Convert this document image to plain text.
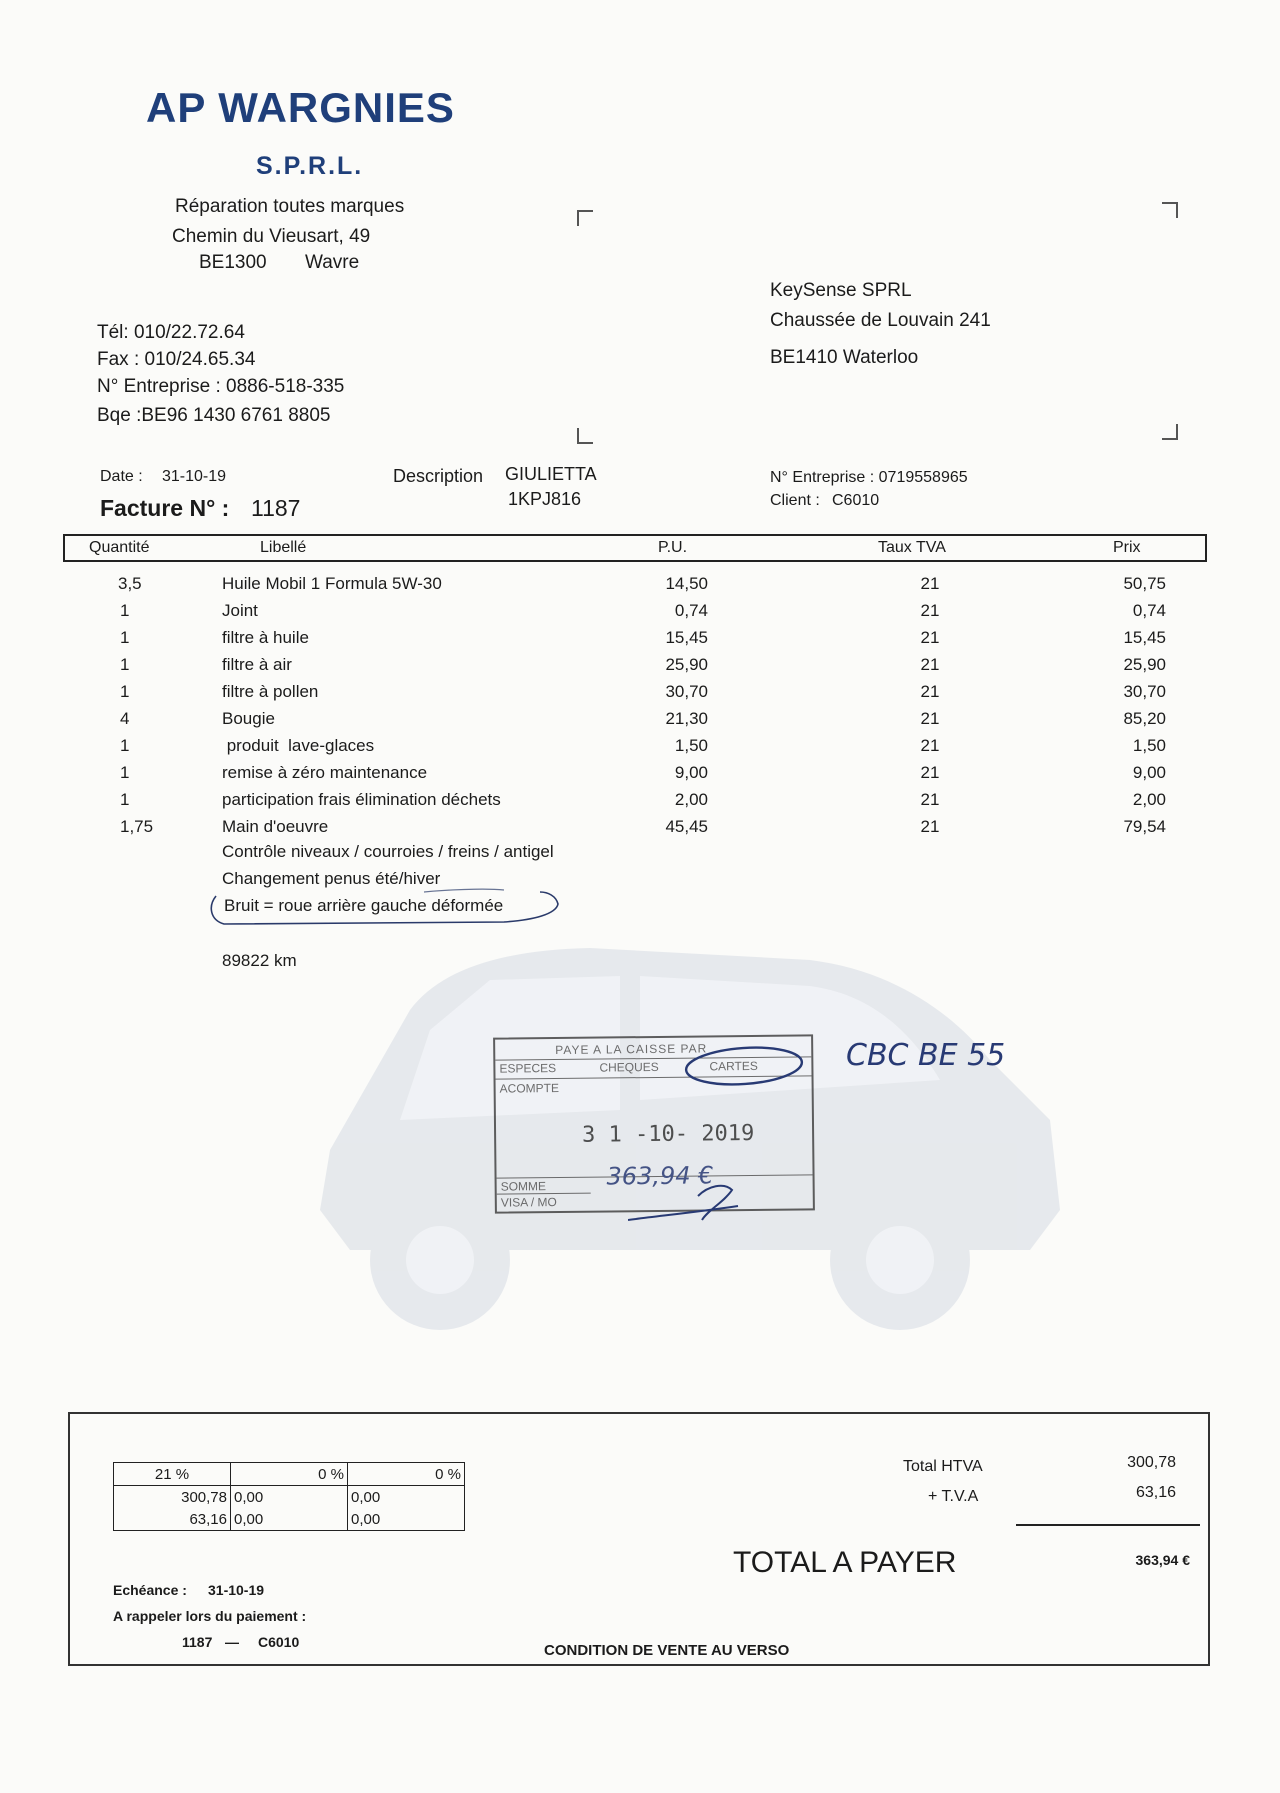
AP WARGNIES
S.P.R.L.
Réparation toutes marques
Chemin du Vieusart, 49
BE1300 Wavre
Tél: 010/22.72.64
Fax : 010/24.65.34
N° Entreprise : 0886-518-335
Bqe :BE96 1430 6761 8805
KeySense SPRL
Chaussée de Louvain 241
BE1410 Waterloo
Date : 31-10-19
Facture N° : 1187
Description GIULIETTA
1KPJ816
N° Entreprise : 0719558965
Client : C6010
Quantité	Libellé	P.U.	Taux TVA	Prix
3,5	Huile Mobil 1 Formula 5W-30	14,50	21	50,75
1	Joint	0,74	21	0,74
1	filtre à huile	15,45	21	15,45
1	filtre à air	25,90	21	25,90
1	filtre à pollen	30,70	21	30,70
4	Bougie	21,30	21	85,20
1	produit  lave-glaces	1,50	21	1,50
1	remise à zéro maintenance	9,00	21	9,00
1	participation frais élimination déchets	2,00	21	2,00
1,75	Main d'oeuvre	45,45	21	79,54
Contrôle niveaux / courroies / freins / antigel
Changement penus été/hiver
Bruit = roue arrière gauche déformée
89822 km
PAYE A LA CAISSE PAR
ESPECES	CHEQUES	CARTES
ACOMPTE
3 1 -10- 2019
SOMME	363,94 €
VISA / MO
CBC BE 55
21 %	0 %	0 %
300,78	0,00	0,00
63,16	0,00	0,00
Total HTVA	300,78
+ T.V.A	63,16
TOTAL A PAYER	363,94 €
Echéance : 31-10-19
A rappeler lors du paiement :
1187 — C6010	CONDITION DE VENTE AU VERSO
